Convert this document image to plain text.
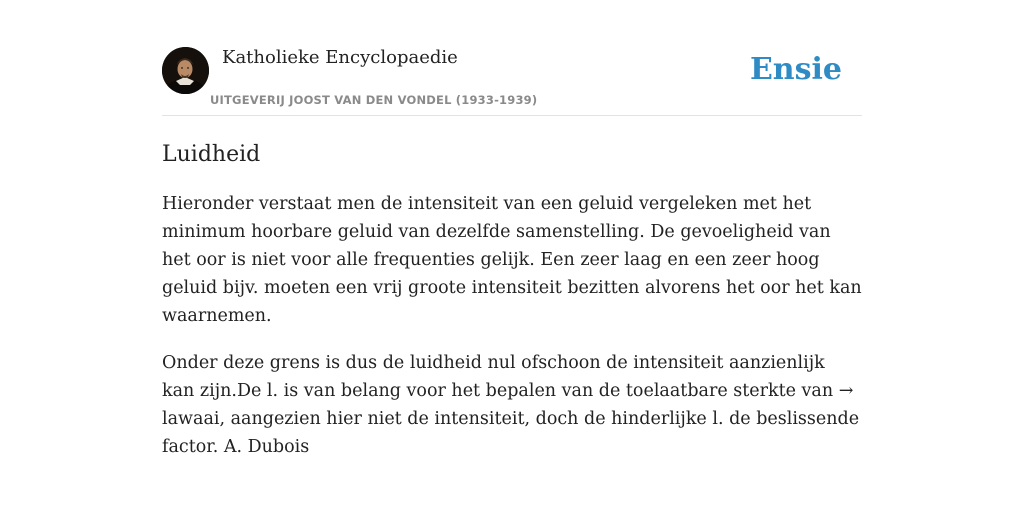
Katholieke Encyclopaedie
UITGEVERIJ JOOST VAN DEN VONDEL (1933-1939)
Ensie
Luidheid

Hieronder verstaat men de intensiteit van een geluid vergeleken met het minimum hoorbare geluid van dezelfde samenstelling. De gevoeligheid van het oor is niet voor alle frequenties gelijk. Een zeer laag en een zeer hoog geluid bijv. moeten een vrij groote intensiteit bezitten alvorens het oor het kan waarnemen.

Onder deze grens is dus de luidheid nul ofschoon de intensiteit aanzienlijk kan zijn.De l. is van belang voor het bepalen van de toelaatbare sterkte van → lawaai, aangezien hier niet de intensiteit, doch de hinderlijke l. de beslissende factor. A. Dubois
